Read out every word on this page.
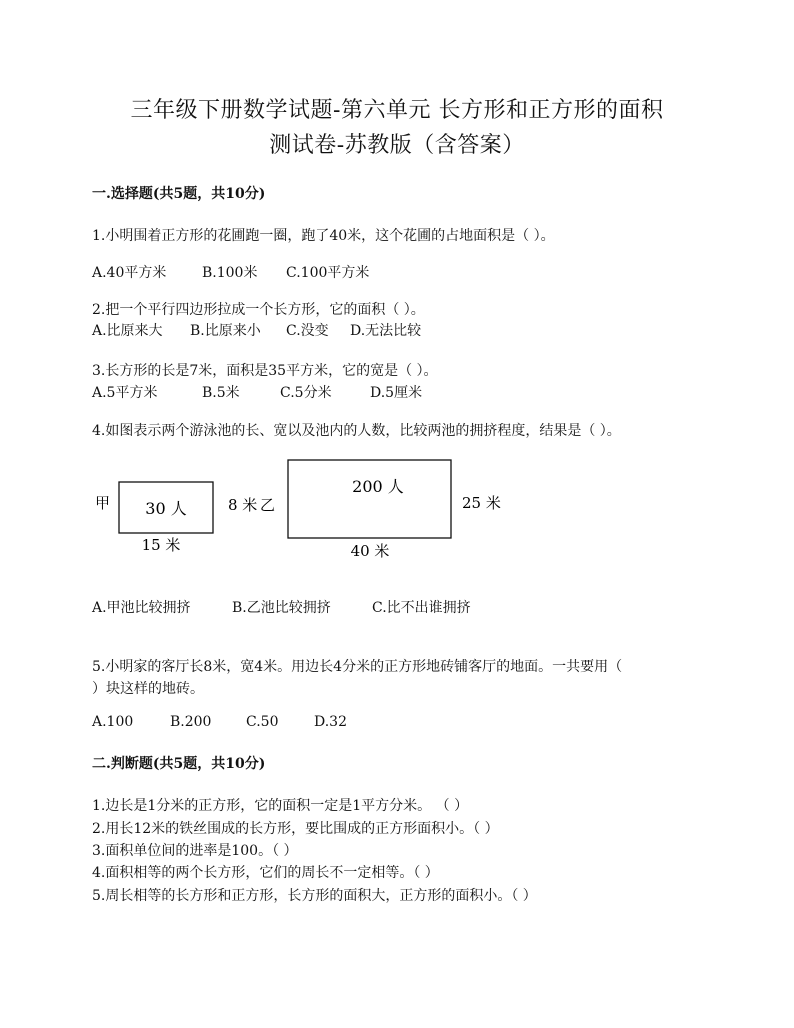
三年级下册数学试题-第六单元 长方形和正方形的面积
测试卷-苏教版（含答案）
一.选择题(共5题，共10分)
1.小明围着正方形的花圃跑一圈，跑了40米，这个花圃的占地面积是（ ）。
A.40平方米	B.100米 C.100平方米
2.把一个平行四边形拉成一个长方形，它的面积（ ）。
A.比原来大 B.比原来小 C.没变 D.无法比较
3.长方形的长是7米，面积是35平方米，它的宽是（ ）。
A.5平方米	B.5米	C.5分米	D.5厘米
4.如图表示两个游泳池的长、宽以及池内的人数，比较两池的拥挤程度，结果是（ ）。
甲 30 人	8 米
15 米
乙
200 人
25 米
40 米
A.甲池比较拥挤	B.乙池比较拥挤	C.比不出谁拥挤
5.小明家的客厅长8米，宽4米。用边长4分米的正方形地砖铺客厅的地面。一共要用（
）块这样的地砖。
A.100	B.200 C.50	D.32
二.判断题(共5题，共10分)
1.边长是1分米的正方形，它的面积一定是1平方分米。 （ ）
2.用长12米的铁丝围成的长方形，要比围成的正方形面积小。（ ）
3.面积单位间的进率是100。（ ）
4.面积相等的两个长方形，它们的周长不一定相等。（ ）
5.周长相等的长方形和正方形，长方形的面积大，正方形的面积小。（ ）
